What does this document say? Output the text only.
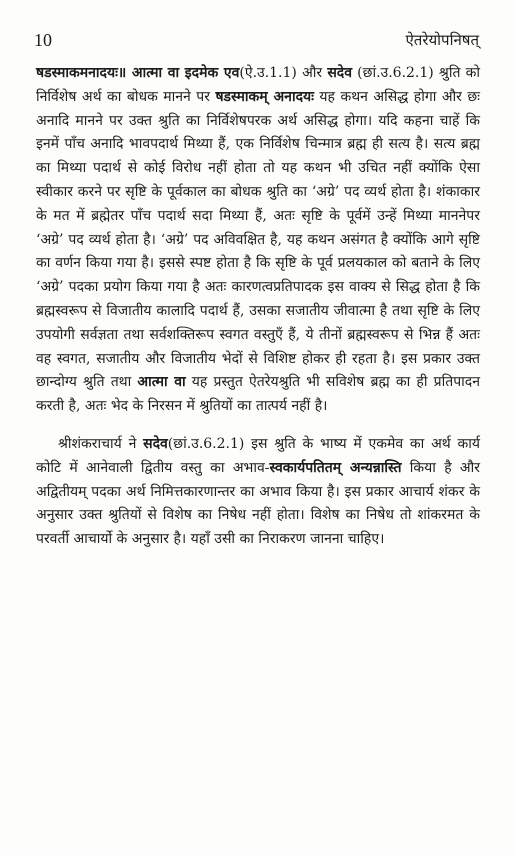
10	ऐतरेयोपनिषत्

षडस्माकमनादयः॥ आत्मा वा इदमेक एव(ऐ.उ.1.1) और सदेव (छां.उ.6.2.1) श्रुति को निर्विशेष अर्थ का बोधक मानने पर षडस्माकम् अनादयः यह कथन असिद्ध होगा और छः अनादि मानने पर उक्त श्रुति का निर्विशेषपरक अर्थ असिद्ध होगा। यदि कहना चाहें कि इनमें पाँच अनादि भावपदार्थ मिथ्या हैं, एक निर्विशेष चिन्मात्र ब्रह्म ही सत्य है। सत्य ब्रह्म का मिथ्या पदार्थ से कोई विरोध नहीं होता तो यह कथन भी उचित नहीं क्योंकि ऐसा स्वीकार करने पर सृष्टि के पूर्वकाल का बोधक श्रुति का ‘अग्रे’ पद व्यर्थ होता है। शंकाकार के मत में ब्रह्मेतर पाँच पदार्थ सदा मिथ्या हैं, अतः सृष्टि के पूर्वमें उन्हें मिथ्या माननेपर ‘अग्रे’ पद व्यर्थ होता है। ‘अग्रे’ पद अविवक्षित है, यह कथन असंगत है क्योंकि आगे सृष्टि का वर्णन किया गया है। इससे स्पष्ट होता है कि सृष्टि के पूर्व प्रलयकाल को बताने के लिए ‘अग्रे’ पदका प्रयोग किया गया है अतः कारणत्वप्रतिपादक इस वाक्य से सिद्ध होता है कि ब्रह्मस्वरूप से विजातीय कालादि पदार्थ हैं, उसका सजातीय जीवात्मा है तथा सृष्टि के लिए उपयोगी सर्वज्ञता तथा सर्वशक्तिरूप स्वगत वस्तुएँ हैं, ये तीनों ब्रह्मस्वरूप से भिन्न हैं अतः वह स्वगत, सजातीय और विजातीय भेदों से विशिष्ट होकर ही रहता है। इस प्रकार उक्त छान्दोग्य श्रुति तथा आत्मा वा यह प्रस्तुत ऐतरेयश्रुति भी सविशेष ब्रह्म का ही प्रतिपादन करती है, अतः भेद के निरसन में श्रुतियों का तात्पर्य नहीं है।

श्रीशंकराचार्य ने सदेव(छां.उ.6.2.1) इस श्रुति के भाष्य में एकमेव का अर्थ कार्य कोटि में आनेवाली द्वितीय वस्तु का अभाव-स्वकार्यपतितम् अन्यन्नास्ति किया है और अद्वितीयम् पदका अर्थ निमित्तकारणान्तर का अभाव किया है। इस प्रकार आचार्य शंकर के अनुसार उक्त श्रुतियों से विशेष का निषेध नहीं होता। विशेष का निषेध तो शांकरमत के परवर्ती आचार्यो के अनुसार है। यहाँ उसी का निराकरण जानना चाहिए।
